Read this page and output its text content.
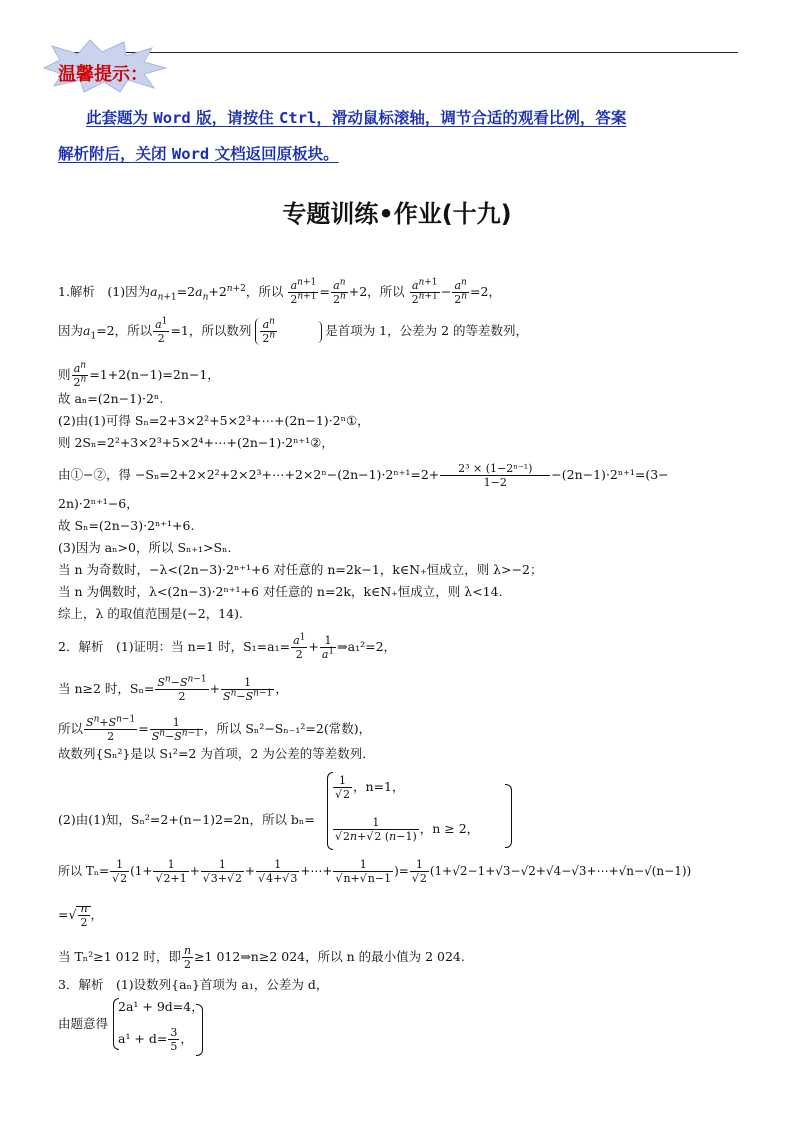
温馨提示：
此套题为 Word 版，请按住 Ctrl，滑动鼠标滚轴，调节合适的观看比例，答案
解析附后，关闭 Word 文档返回原板块。
专题训练•作业(十九)
1.解析　(1)因为$a_{n+1}=2a_n+2^{n+2}$，所以 $\frac{a^{n+1}}{2^{n+1}} = \frac{a^n}{2^n} +2$，所以 $\frac{a^{n+1}}{2^{n+1}} - \frac{a^n}{2^n} =2$，
因为$a_1=2$，所以 $\frac{a^1}{2} =1$，所以数列 $\frac{a^n}{2^n}$	是首项为 1，公差为 2 的等差数列，
则 $\frac{a^n}{2^n} =1+2(n-1)=2n-1$，
故 aₙ=(2n−1)·2ⁿ.
(2)由(1)可得 Sₙ=2+3×2²+5×2³+⋯+(2n−1)·2ⁿ①，
则 2Sₙ=2²+3×2³+5×2⁴+⋯+(2n−1)·2ⁿ⁺¹②，
由①−②，得 −Sₙ=2+2×2²+2×2³+⋯+2×2ⁿ−(2n−1)·2ⁿ⁺¹=2+ $\frac{\text{2³ × (1−2ⁿ⁻¹)}}{1-2} -(2n-1)\cdot 2^{n+1}=(3-$
2n)·2ⁿ⁺¹−6，
故 Sₙ=(2n−3)·2ⁿ⁺¹+6.
(3)因为 aₙ>0，所以 Sₙ₊₁>Sₙ.
当 n 为奇数时，−λ<(2n−3)·2ⁿ⁺¹+6 对任意的 n=2k−1，k∈N₊恒成立，则 λ>−2；
当 n 为偶数时，λ<(2n−3)·2ⁿ⁺¹+6 对任意的 n=2k，k∈N₊恒成立，则 λ<14.
综上，λ 的取值范围是(−2，14).
2．解析　(1)证明：当 n=1 时，$S_1=a_1= \frac{a^1}{2} + \frac{1}{a^1}$ ⇒a₁²=2，
当 n≥2 时，$S_n= \frac{S^n-S^{n-1}}{2} + \frac{1}{S^n-S^{n-1}}$ ，
所以 $\frac{S^n+S^{n-1}}{2} = \frac{1}{S^n-S^{n-1}}$ ，所以 Sₙ²−Sₙ₋₁²=2(常数)，
故数列{Sₙ²}是以 S₁²=2 为首项，2 为公差的等差数列．
(2)由(1)知，Sₙ²=2+(n−1)2=2n，所以 bₙ=
$\frac{1}{√2}$ ，n=1，
$\frac{1}{√2n+√2 (n-1)}$ ，n ≥ 2，
所以 $T_n= \frac{1}{√2} (1+ \frac{1}{√2+1} + \frac{1}{√3+√2} + \frac{1}{√4+√3}$ +⋯+ $\frac{1}{√n+√n-1}$ )= $\frac{1}{√2}$ (1+√2−1+√3−√2+√4−√3+⋯+√n−√(n−1))
=√ $\frac{n}{2}$ ，
当 Tₙ²≥1 012 时，即 $\frac{n}{2} \ge 1$ 012⇒n≥2 024，所以 n 的最小值为 2 024.
3．解析　(1)设数列{aₙ}首项为 a₁，公差为 d，
由题意得
2a¹ + 9d=4，
$a^1 + d= \frac{3}{5}$ ，
